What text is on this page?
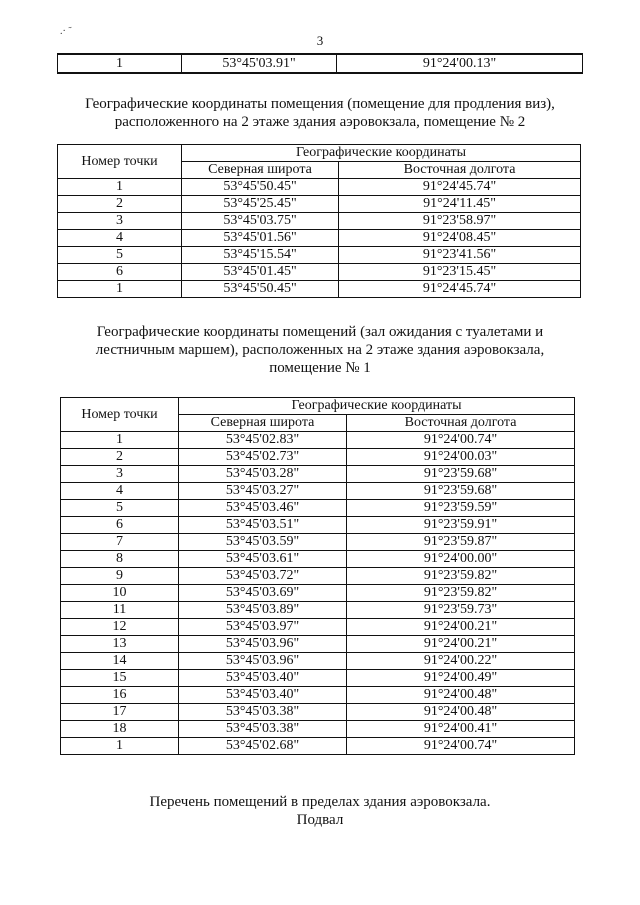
.· ˜
3
1	53°45'03.91"	91°24'00.13"
Географические координаты помещения (помещение для продления виз),
расположенного на 2 этаже здания аэровокзала, помещение № 2
Номер точки	Географические координаты	
	Северная широта	Восточная долгота
1	53°45'50.45"	91°24'45.74"
2	53°45'25.45"	91°24'11.45"
3	53°45'03.75"	91°23'58.97"
4	53°45'01.56"	91°24'08.45"
5	53°45'15.54"	91°23'41.56"
6	53°45'01.45"	91°23'15.45"
1	53°45'50.45"	91°24'45.74"
Географические координаты помещений (зал ожидания с туалетами и
лестничным маршем), расположенных на 2 этаже здания аэровокзала,
помещение № 1
Номер точки	Географические координаты	
	Северная широта	Восточная долгота
1	53°45'02.83"	91°24'00.74"
2	53°45'02.73"	91°24'00.03"
3	53°45'03.28"	91°23'59.68"
4	53°45'03.27"	91°23'59.68"
5	53°45'03.46"	91°23'59.59"
6	53°45'03.51"	91°23'59.91"
7	53°45'03.59"	91°23'59.87"
8	53°45'03.61"	91°24'00.00"
9	53°45'03.72"	91°23'59.82"
10	53°45'03.69"	91°23'59.82"
11	53°45'03.89"	91°23'59.73"
12	53°45'03.97"	91°24'00.21"
13	53°45'03.96"	91°24'00.21"
14	53°45'03.96"	91°24'00.22"
15	53°45'03.40"	91°24'00.49"
16	53°45'03.40"	91°24'00.48"
17	53°45'03.38"	91°24'00.48"
18	53°45'03.38"	91°24'00.41"
1	53°45'02.68"	91°24'00.74"
Перечень помещений в пределах здания аэровокзала.
Подвал
